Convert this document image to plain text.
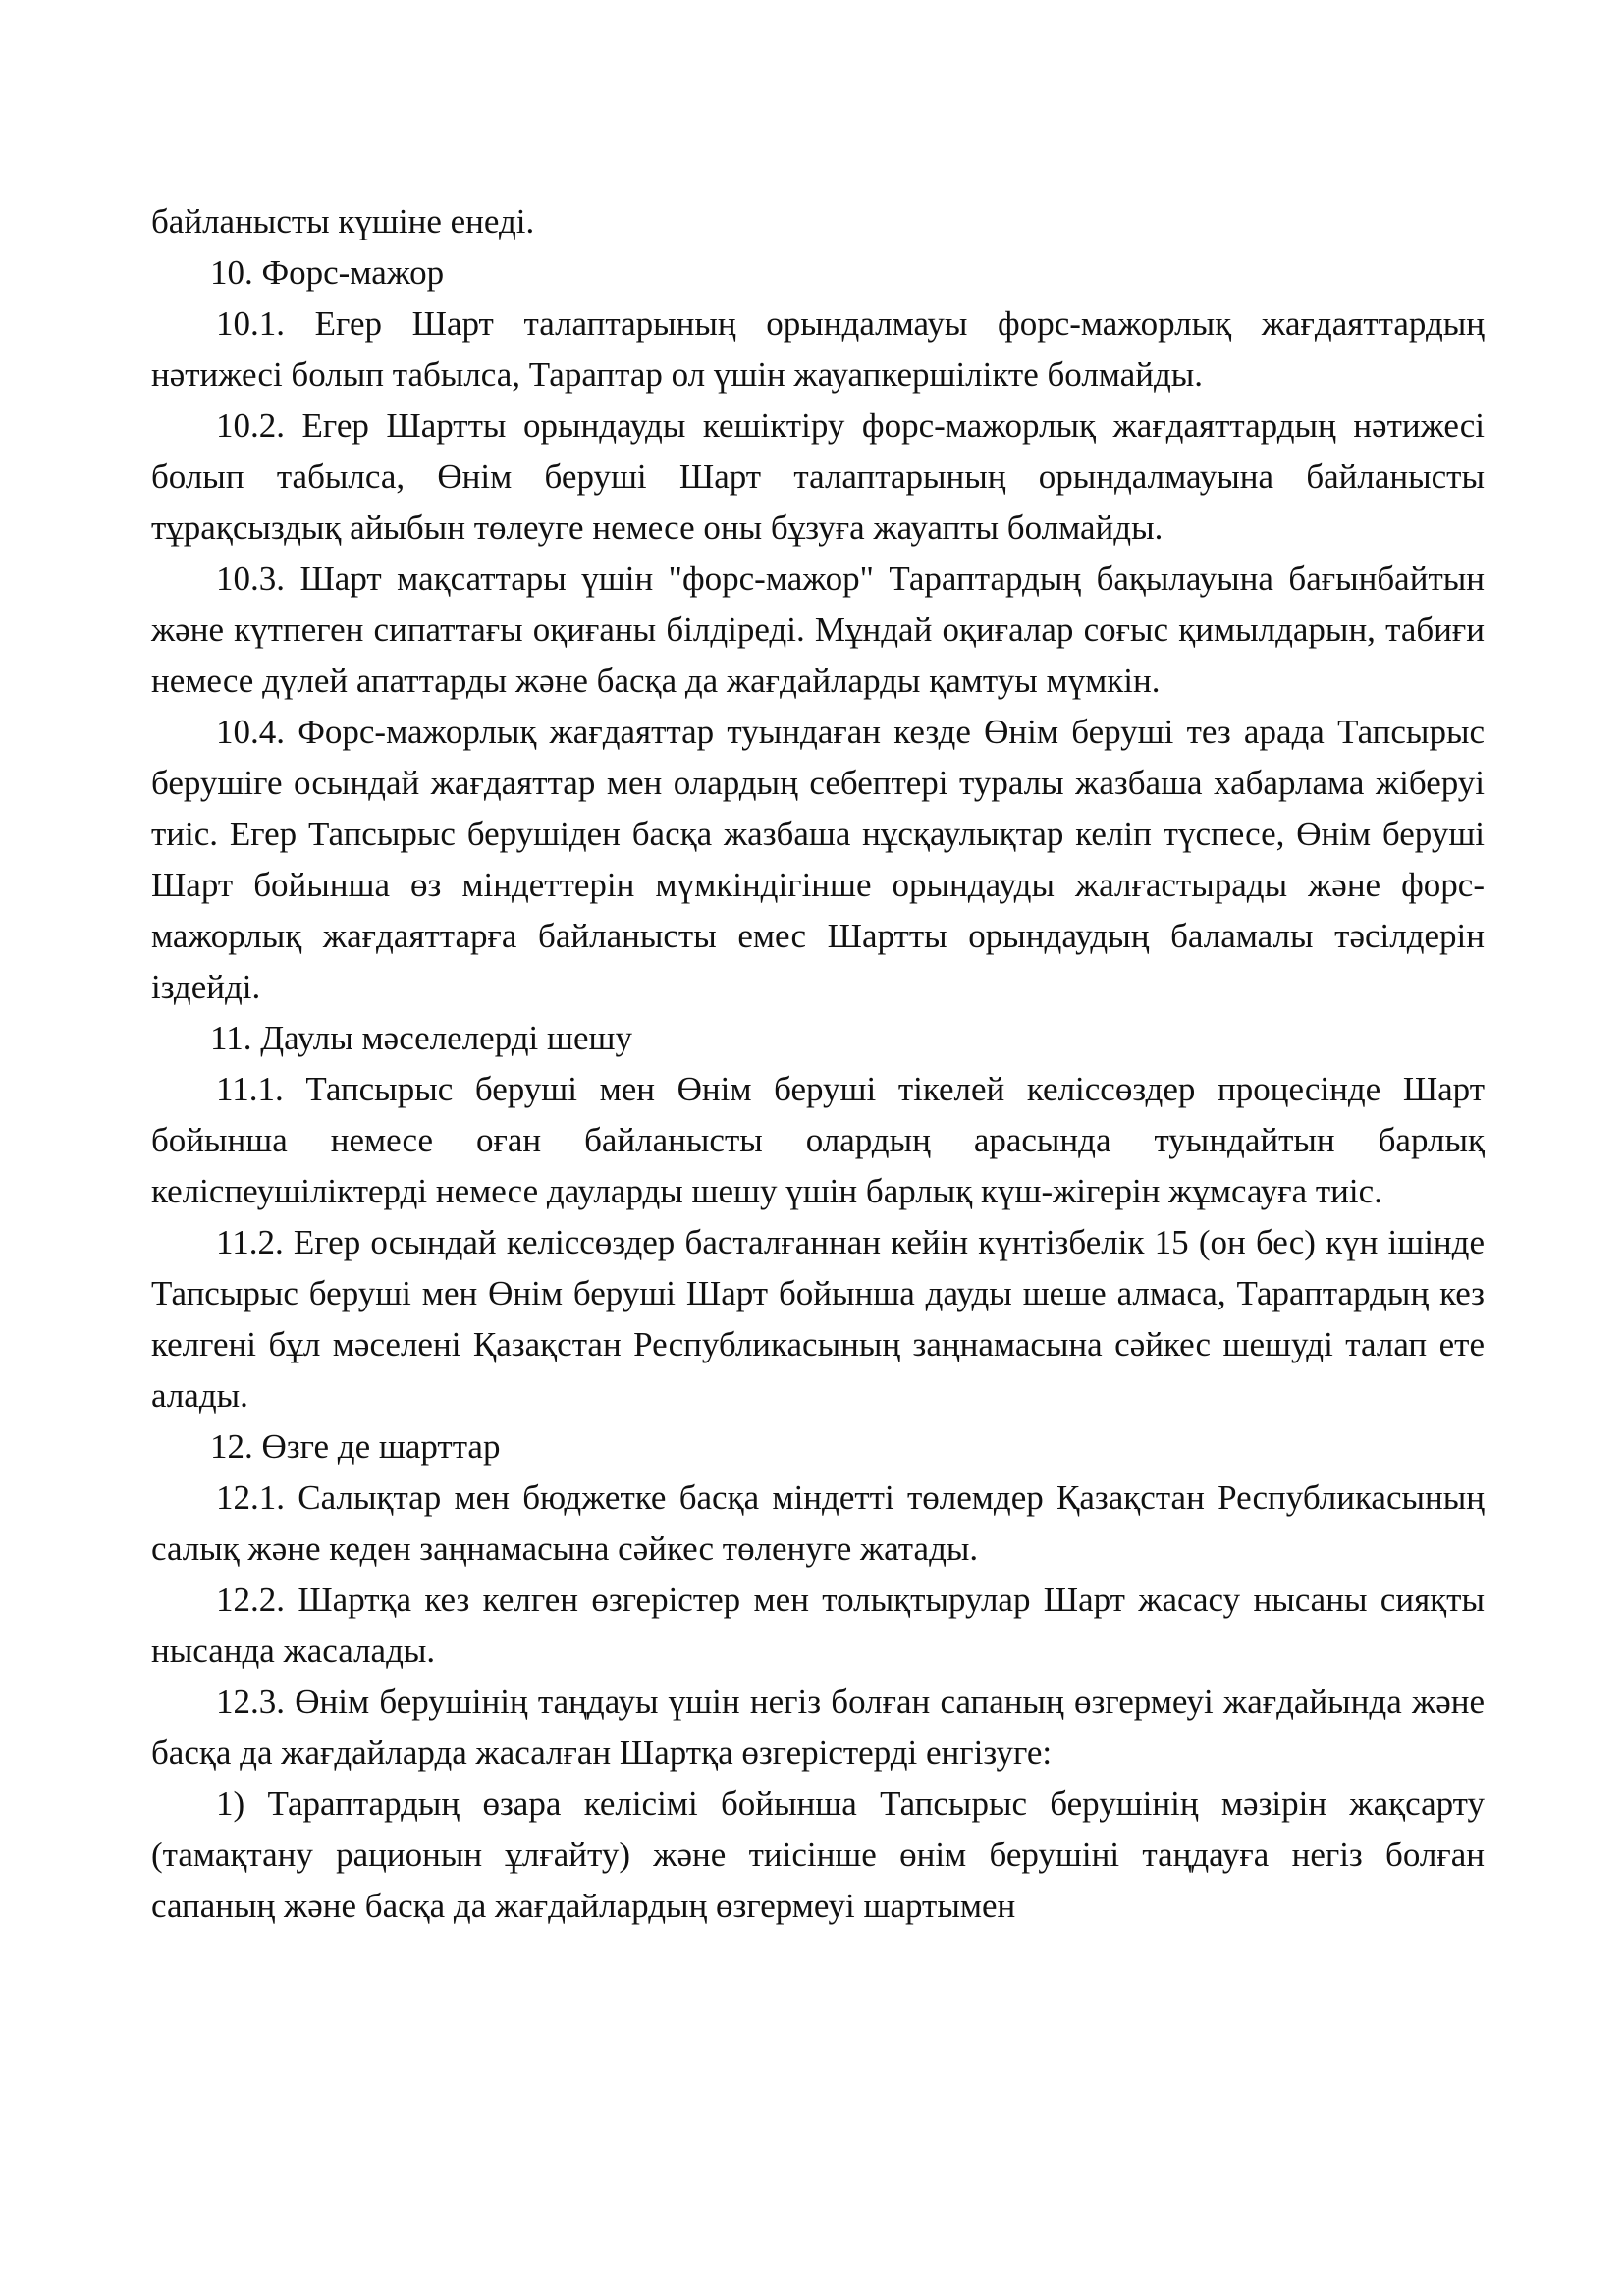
байланысты күшіне енеді.

10. Форс-мажор

10.1. Егер Шарт талаптарының орындалмауы форс-мажорлық жағдаяттардың нәтижесі болып табылса, Тараптар ол үшін жауапкершілікте болмайды.

10.2. Егер Шартты орындауды кешіктіру форс-мажорлық жағдаяттардың нәтижесі болып табылса, Өнім беруші Шарт талаптарының орындалмауына байланысты тұрақсыздық айыбын төлеуге немесе оны бұзуға жауапты болмайды.

10.3. Шарт мақсаттары үшін "форс-мажор" Тараптардың бақылауына бағынбайтын және күтпеген сипаттағы оқиғаны білдіреді. Мұндай оқиғалар соғыс қимылдарын, табиғи немесе дүлей апаттарды және басқа да жағдайларды қамтуы мүмкін.

10.4. Форс-мажорлық жағдаяттар туындаған кезде Өнім беруші тез арада Тапсырыс берушіге осындай жағдаяттар мен олардың себептері туралы жазбаша хабарлама жіберуі тиіс. Егер Тапсырыс берушіден басқа жазбаша нұсқаулықтар келіп түспесе, Өнім беруші Шарт бойынша өз міндеттерін мүмкіндігінше орындауды жалғастырады және форс-мажорлық жағдаяттарға байланысты емес Шартты орындаудың баламалы тәсілдерін іздейді.

11. Даулы мәселелерді шешу

11.1. Тапсырыс беруші мен Өнім беруші тікелей келіссөздер процесінде Шарт бойынша немесе оған байланысты олардың арасында туындайтын барлық келіспеушіліктерді немесе дауларды шешу үшін барлық күш-жігерін жұмсауға тиіс.

11.2. Егер осындай келіссөздер басталғаннан кейін күнтізбелік 15 (он бес) күн ішінде Тапсырыс беруші мен Өнім беруші Шарт бойынша дауды шеше алмаса, Тараптардың кез келгені бұл мәселені Қазақстан Республикасының заңнамасына сәйкес шешуді талап ете алады.

12. Өзге де шарттар

12.1. Салықтар мен бюджетке басқа міндетті төлемдер Қазақстан Республикасының салық және кеден заңнамасына сәйкес төленуге жатады.

12.2. Шартқа кез келген өзгерістер мен толықтырулар Шарт жасасу нысаны сияқты нысанда жасалады.

12.3. Өнім берушінің таңдауы үшін негіз болған сапаның өзгермеуі жағдайында және басқа да жағдайларда жасалған Шартқа өзгерістерді енгізуге:

1) Тараптардың өзара келісімі бойынша Тапсырыс берушінің мәзірін жақсарту (тамақтану рационын ұлғайту) және тиісінше өнім берушіні таңдауға негіз болған сапаның және басқа да жағдайлардың өзгермеуі шартымен
